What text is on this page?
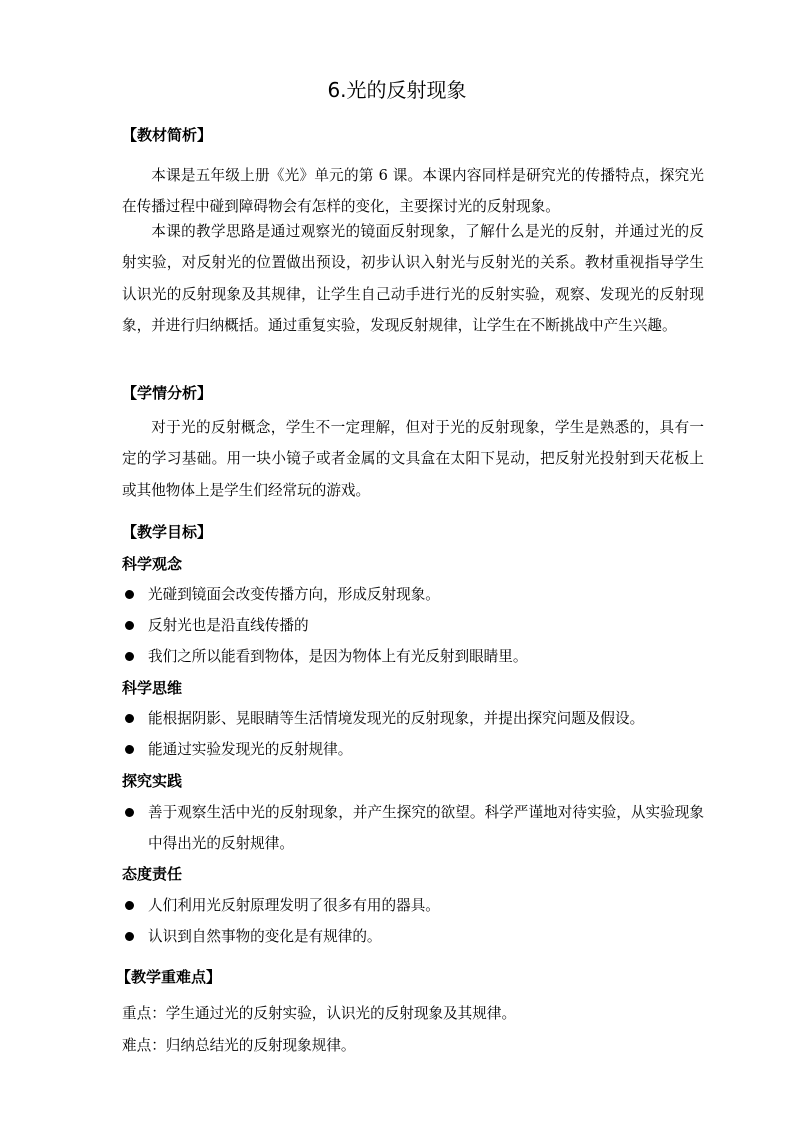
6.光的反射现象
【教材简析】

本课是五年级上册《光》单元的第 6 课。本课内容同样是研究光的传播特点，探究光在传播过程中碰到障碍物会有怎样的变化，主要探讨光的反射现象。

本课的教学思路是通过观察光的镜面反射现象，了解什么是光的反射，并通过光的反射实验，对反射光的位置做出预设，初步认识入射光与反射光的关系。教材重视指导学生认识光的反射现象及其规律，让学生自己动手进行光的反射实验，观察、发现光的反射现象，并进行归纳概括。通过重复实验，发现反射规律，让学生在不断挑战中产生兴趣。

【学情分析】

对于光的反射概念，学生不一定理解，但对于光的反射现象，学生是熟悉的，具有一定的学习基础。用一块小镜子或者金属的文具盒在太阳下晃动，把反射光投射到天花板上或其他物体上是学生们经常玩的游戏。

【教学目标】
科学观念
光碰到镜面会改变传播方向，形成反射现象。
反射光也是沿直线传播的
我们之所以能看到物体，是因为物体上有光反射到眼睛里。
科学思维
能根据阴影、晃眼睛等生活情境发现光的反射现象，并提出探究问题及假设。
能通过实验发现光的反射规律。
探究实践
善于观察生活中光的反射现象，并产生探究的欲望。科学严谨地对待实验，从实验现象中得出光的反射规律。
态度责任
人们利用光反射原理发明了很多有用的器具。
认识到自然事物的变化是有规律的。
【教学重难点】
重点：学生通过光的反射实验，认识光的反射现象及其规律。
难点：归纳总结光的反射现象规律。
